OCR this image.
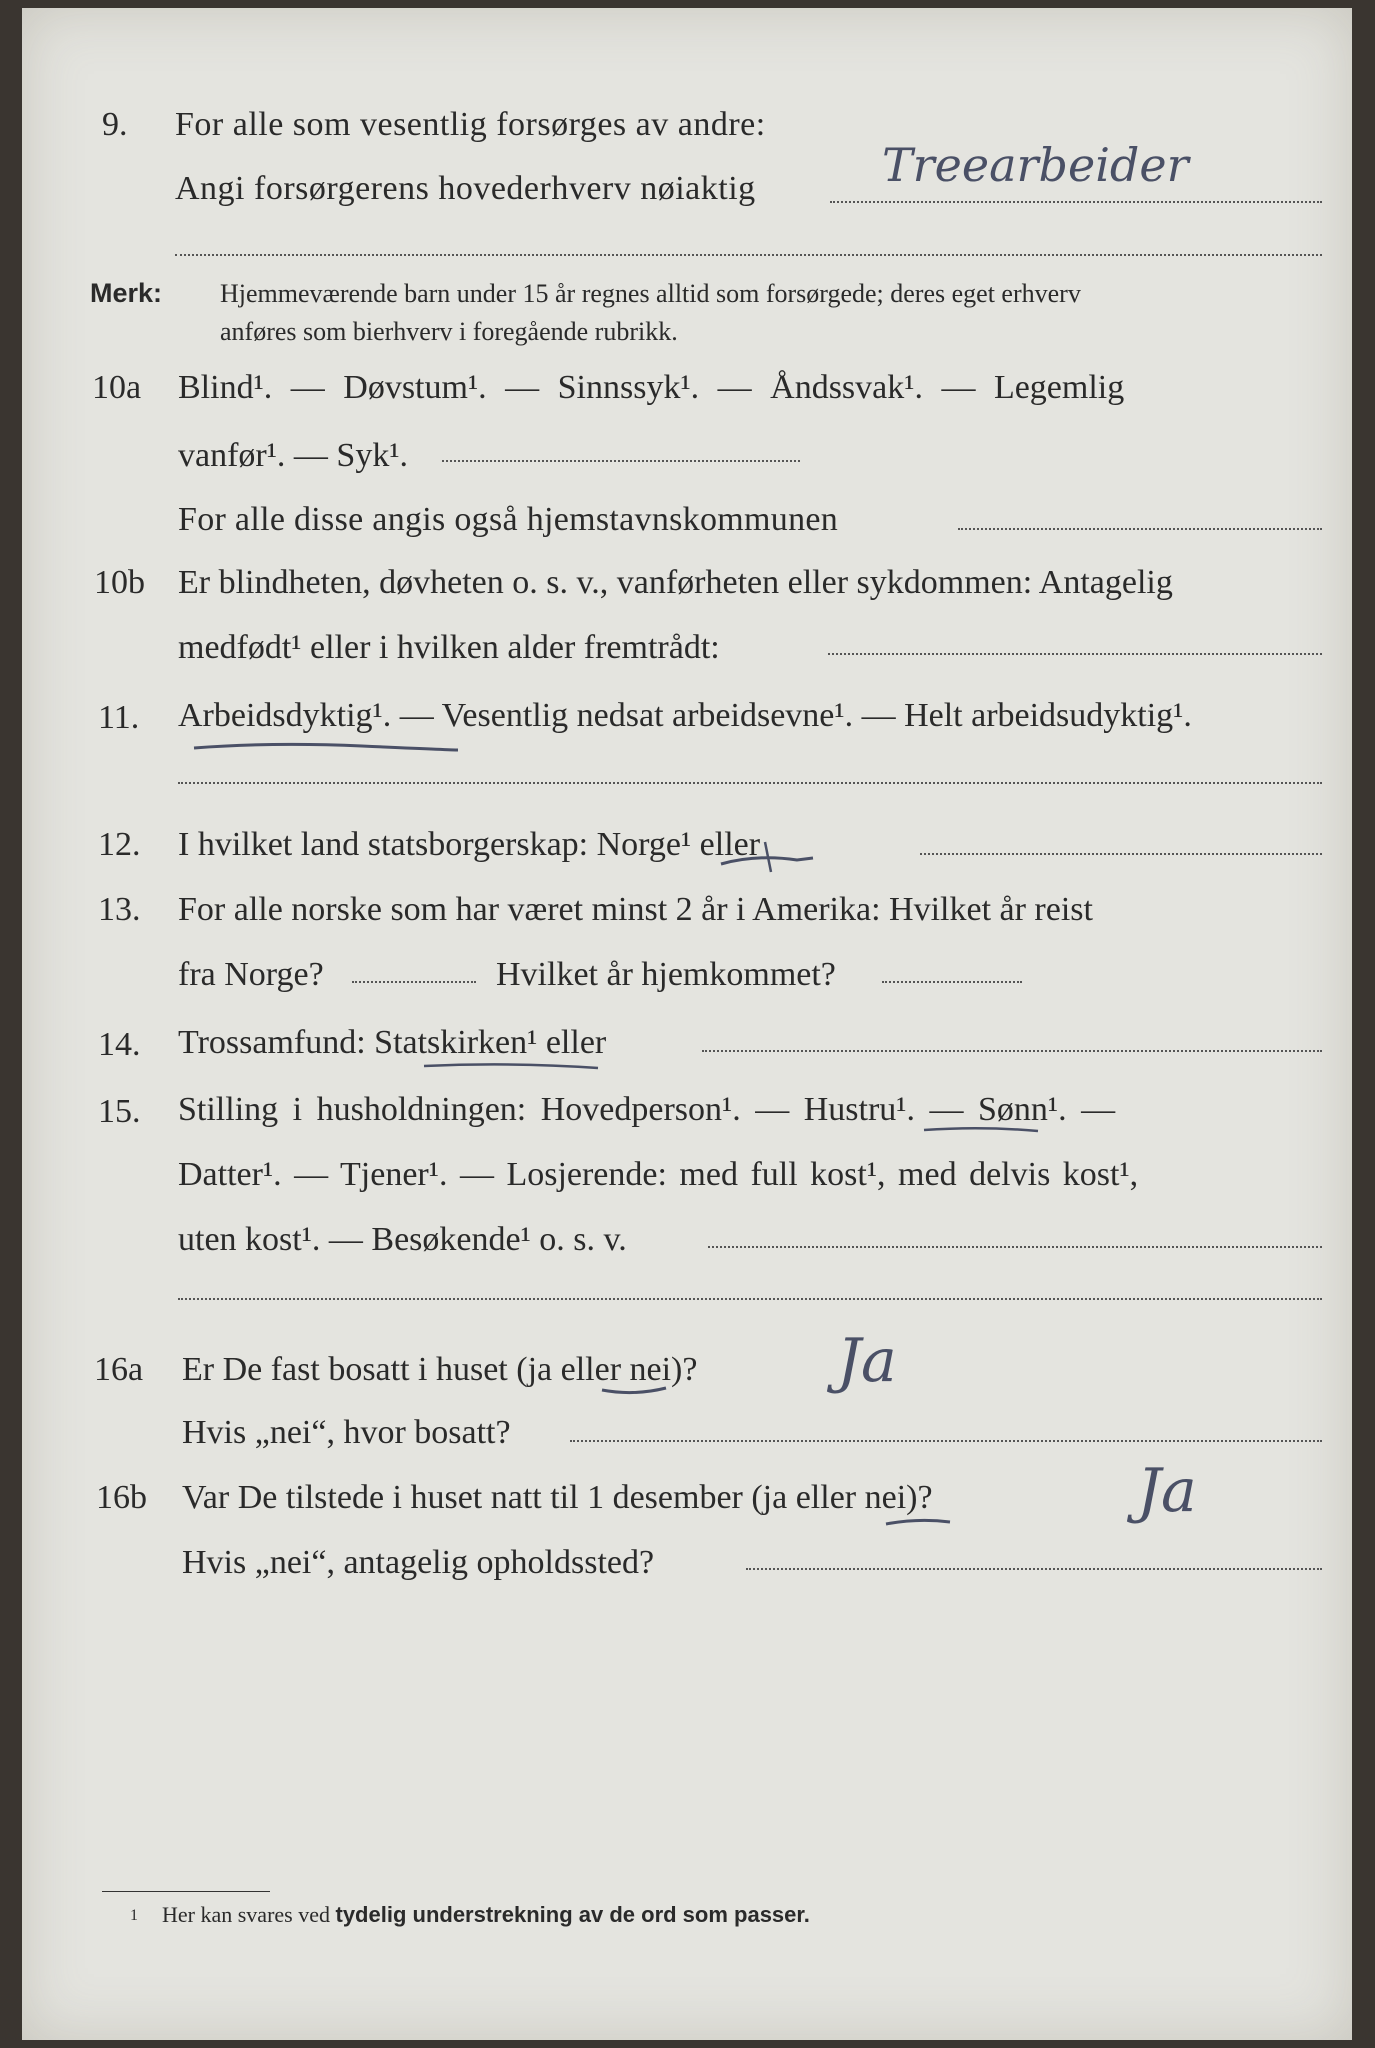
9. For alle som vesentlig forsørges av andre:
Angi forsørgerens hovederhverv nøiaktig	Treearbeider
Merk: Hjemmeværende barn under 15 år regnes alltid som forsørgede; deres eget erhverv
anføres som bierhverv i foregående rubrikk.
10a Blind¹. — Døvstum¹. — Sinnssyk¹. — Åndssvak¹. — Legemlig
vanfør¹. — Syk¹.
For alle disse angis også hjemstavnskommunen
10b Er blindheten, døvheten o. s. v., vanførheten eller sykdommen: Antagelig
medfødt¹ eller i hvilken alder fremtrådt:
11. Arbeidsdyktig¹. — Vesentlig nedsat arbeidsevne¹. — Helt arbeidsudyktig¹.
12. I hvilket land statsborgerskap: Norge¹ eller
13. For alle norske som har været minst 2 år i Amerika: Hvilket år reist
fra Norge?	Hvilket år hjemkommet?
14. Trossamfund: Statskirken¹ eller
15. Stilling i husholdningen: Hovedperson¹. — Hustru¹. — Sønn¹. —
Datter¹. — Tjener¹. — Losjerende: med full kost¹, med delvis kost¹,
uten kost¹. — Besøkende¹ o. s. v.
16a Er De fast bosatt i huset (ja eller nei)? Ja
Hvis „nei“, hvor bosatt?
16b Var De tilstede i huset natt til 1 desember (ja eller nei)?	Ja
Hvis „nei“, antagelig opholdssted?
1 Her kan svares ved tydelig understrekning av de ord som passer.
